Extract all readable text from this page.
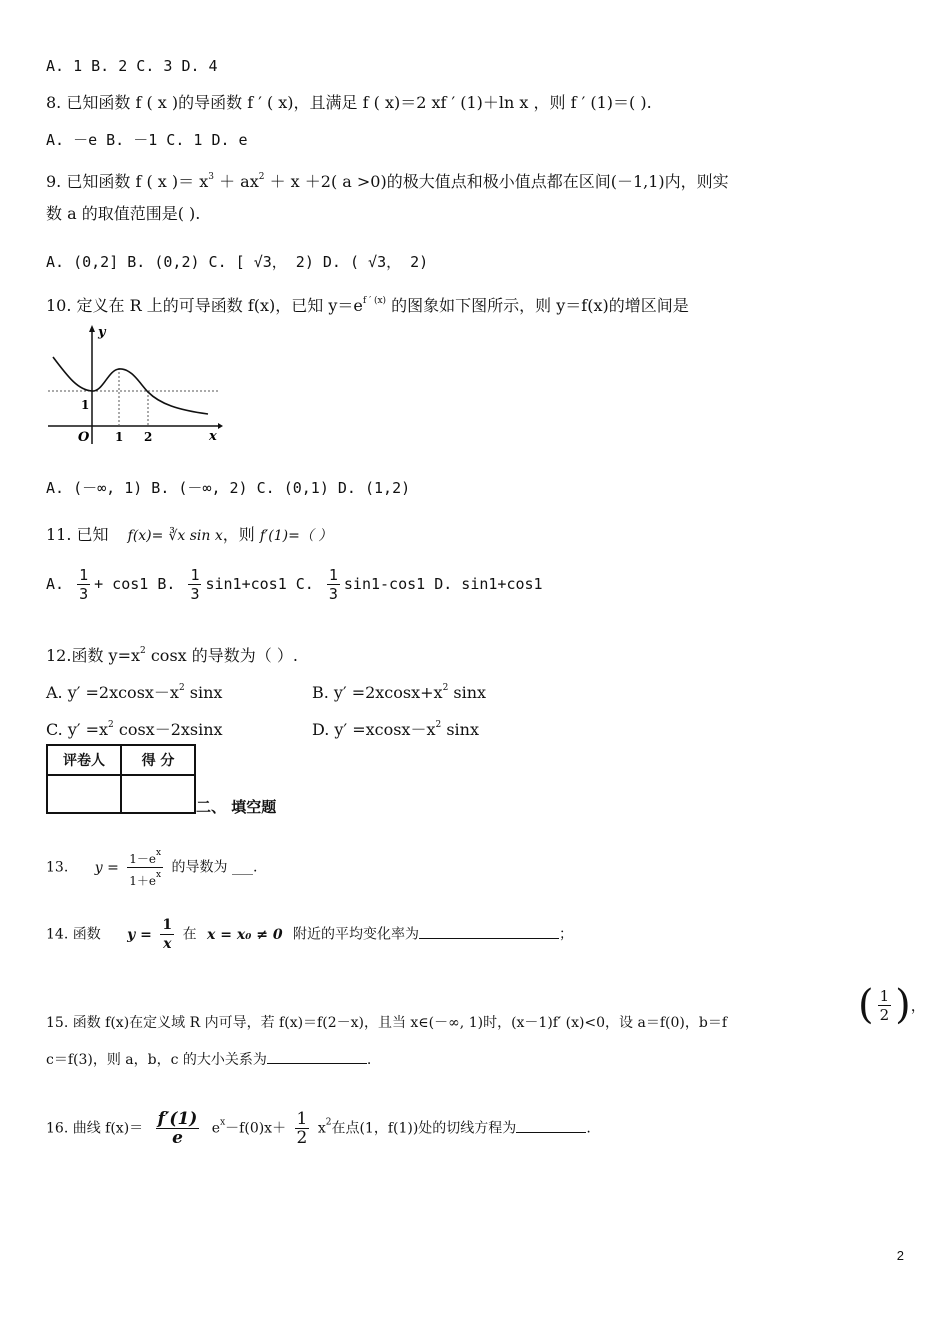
A. 1 B. 2 C. 3 D. 4
8. 已知函数 f ( x )的导函数 f ′ ( x)，且满足 f ( x)＝2 xf ′ (1)＋ln x ，则 f ′ (1)＝( ).
A. －e B. －1 C. 1 D. e
9. 已知函数 f ( x )＝ $x^3 + ax^2 + x +2$( a >0)的极大值点和极小值点都在区间(－1,1)内，则实
数 a 的取值范围是( ).
A. (0,2] B. (0,2) C. [ √3， 2) D. ( √3， 2)
10. 定义在 R 上的可导函数 f(x)，已知 $y=e^{f ' (x)}$ 的图象如下图所示，则 y＝f(x)的增区间是
y
x
O
1
1 2
A. (－∞, 1) B. (－∞, 2) C. (0,1) D. (1,2)
11. 已知 f(x)= ∛x sin x，则 f′(1)=（ ）
A. $\frac{1}{3} + \cos 1$ B. $\frac{1}{3} \sin 1+\cos 1$ C. $\frac{1}{3} \sin 1-\cos 1$ D. sin1+cos1
12.函数 $y=x^2$ cosx 的导数为（ ）.
A. $y' =2xcosx-x^2$ sinx	B. $y' =2xcosx+x^2$ sinx
C. $y' =x^2$ cosx－2xsinx	D. $y' =xcosx-x^2$ sinx
评卷人	得 分

二、 填空题
13. $y = \frac{1-e^x}{1+e^x}$ 的导数为 ___.
14. 函数 $y = \frac{1}{x}$ 在 x = x₀ ≠ 0 附近的平均变化率为	；
15. 函数 f(x)在定义域 R 内可导，若 f(x)＝f(2－x)，且当 x∈(－∞, 1)时，(x－1)f′ (x)<0，设 a＝f(0)，b＝f	( $\frac{1}{2}$ )，
c＝f(3)，则 a，b，c 的大小关系为	.
16. 曲线 $f(x)= \frac{f'(1)}{e} e^x-f(0)x+ \frac{1}{2} x^2$在点(1，f(1))处的切线方程为	.
2
